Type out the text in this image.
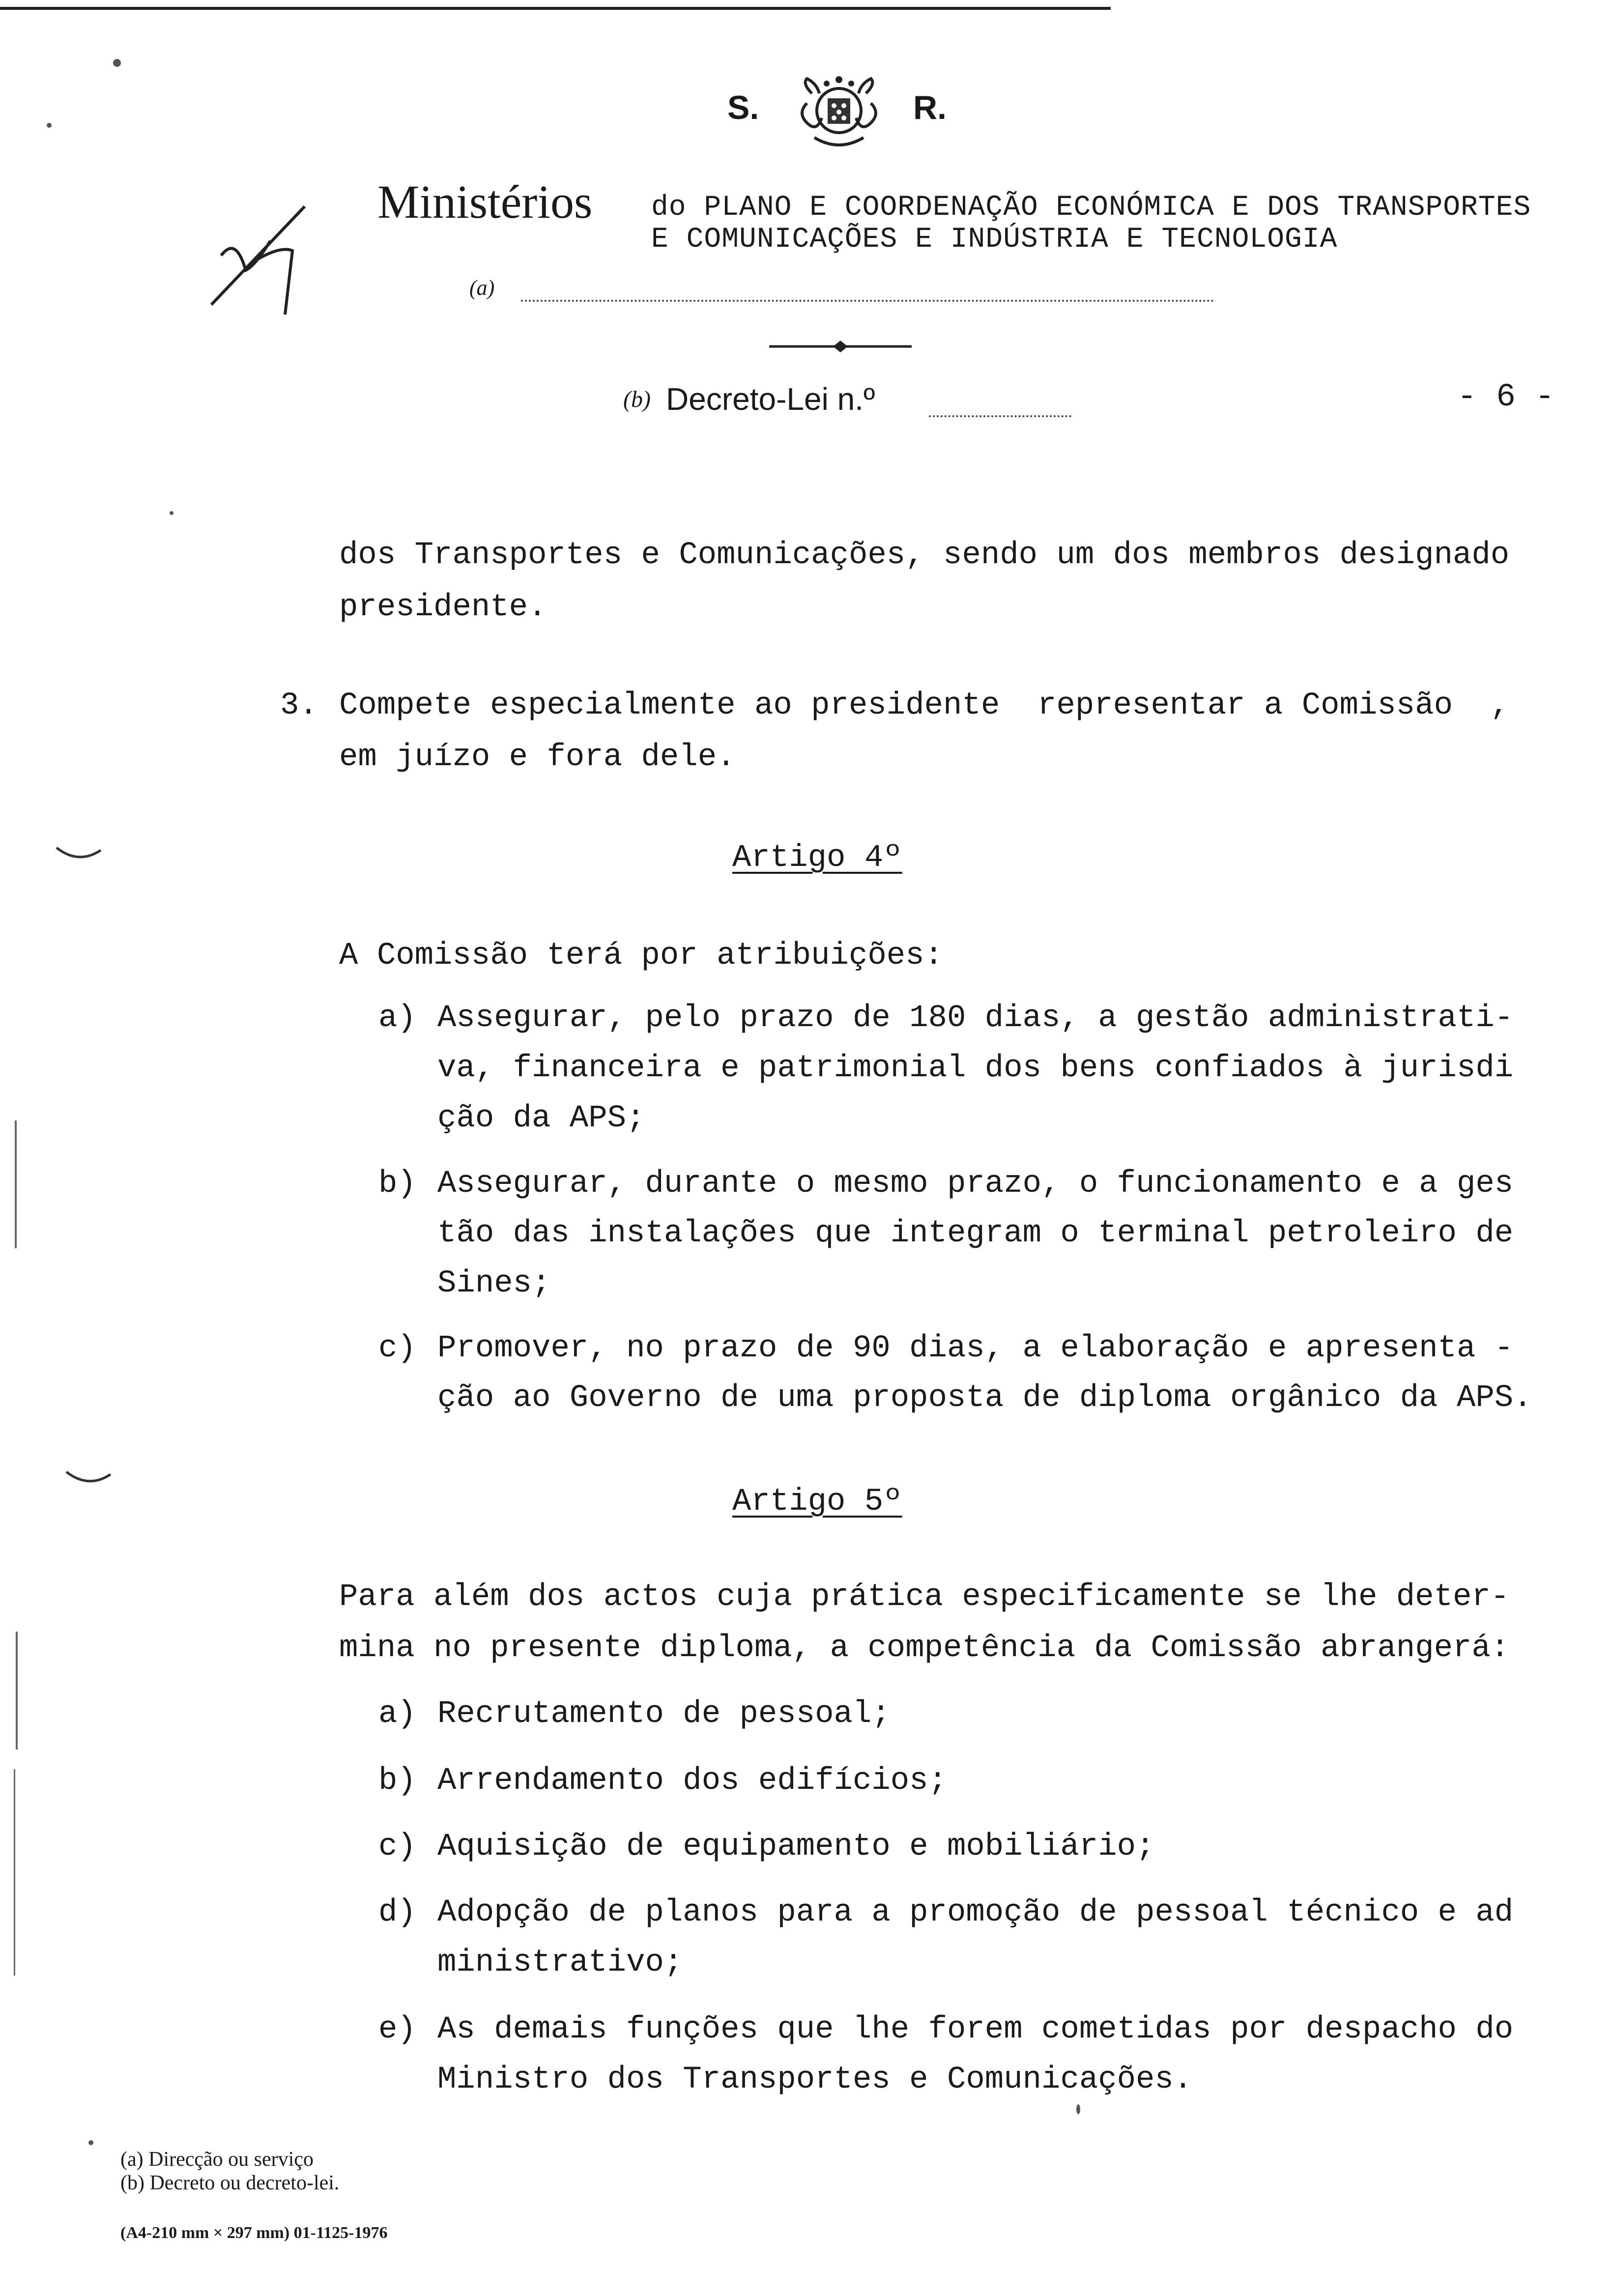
S.	R.
Ministérios do PLANO E COORDENAÇÃO ECONÓMICA E DOS TRANSPORTES
E COMUNICAÇÕES E INDÚSTRIA E TECNOLOGIA
(a)
(b) Decreto-Lei n.º	- 6 -
dos Transportes e Comunicações, sendo um dos membros designado
presidente.
3. Compete especialmente ao presidente  representar a Comissão  ,
em juízo e fora dele.
Artigo 4º
A Comissão terá por atribuições:
a) Assegurar, pelo prazo de 180 dias, a gestão administrati-
va, financeira e patrimonial dos bens confiados à jurisdi
ção da APS;
b) Assegurar, durante o mesmo prazo, o funcionamento e a ges
tão das instalações que integram o terminal petroleiro de
Sines;
c) Promover, no prazo de 90 dias, a elaboração e apresenta -
ção ao Governo de uma proposta de diploma orgânico da APS.
Artigo 5º
Para além dos actos cuja prática especificamente se lhe deter-
mina no presente diploma, a competência da Comissão abrangerá:
a) Recrutamento de pessoal;
b) Arrendamento dos edifícios;
c) Aquisição de equipamento e mobiliário;
d) Adopção de planos para a promoção de pessoal técnico e ad
ministrativo;
e) As demais funções que lhe forem cometidas por despacho do
Ministro dos Transportes e Comunicações.
(a) Direcção ou serviço
(b) Decreto ou decreto-lei.
(A4-210 mm × 297 mm) 01-1125-1976
